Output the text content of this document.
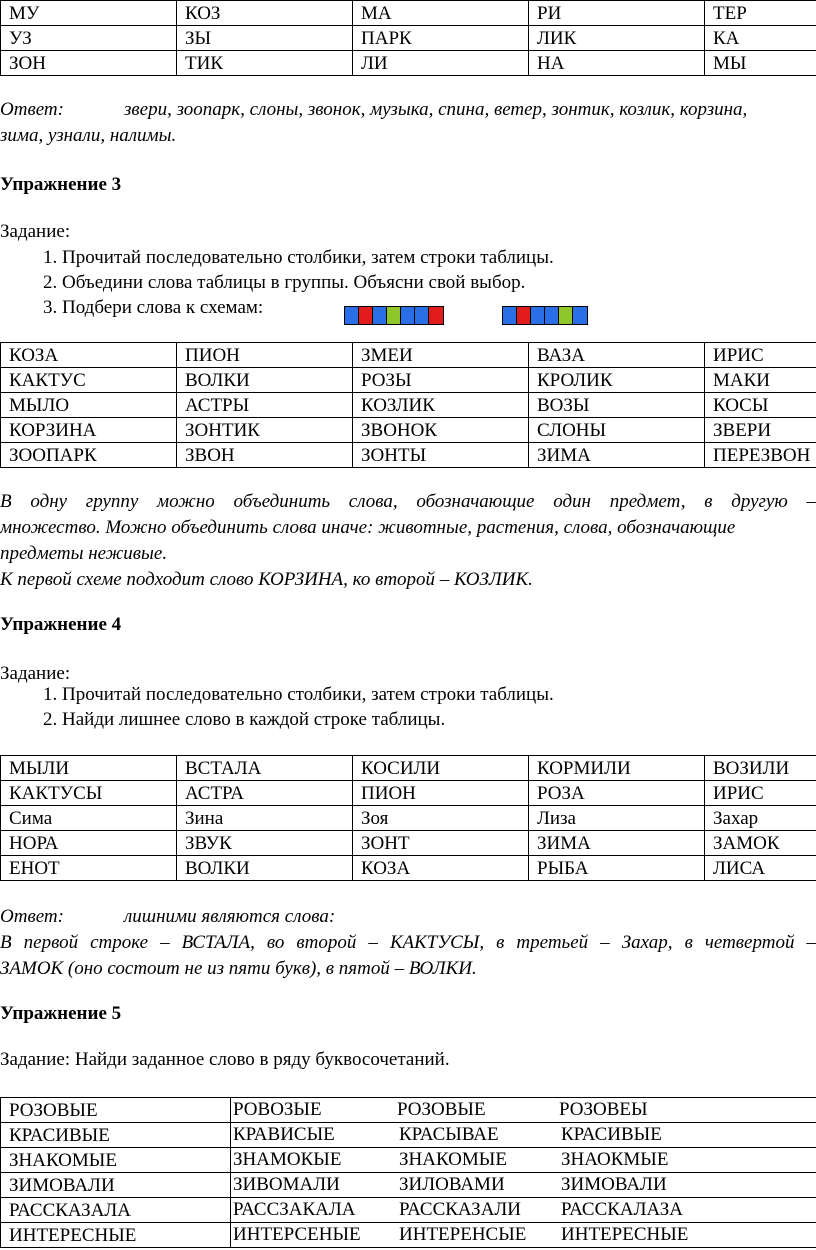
МУ	КОЗ	МА	РИ	ТЕР
УЗ	ЗЫ	ПАРК	ЛИК	КА
ЗОН	ТИК	ЛИ	НА	МЫ
Ответ:	звери, зоопарк, слоны, звонок, музыка, спина, ветер, зонтик, козлик, корзина,
зима, узнали, налимы.
Упражнение 3
Задание:
1. Прочитай последовательно столбики, затем строки таблицы.
2. Объедини слова таблицы в группы. Объясни свой выбор.
3. Подбери слова к схемам:
КОЗА	ПИОН	ЗМЕИ	ВАЗА	ИРИС
КАКТУС	ВОЛКИ	РОЗЫ	КРОЛИК	МАКИ
МЫЛО	АСТРЫ	КОЗЛИК	ВОЗЫ	КОСЫ
КОРЗИНА	ЗОНТИК	ЗВОНОК	СЛОНЫ	ЗВЕРИ
ЗООПАРК	ЗВОН	ЗОНТЫ	ЗИМА	ПЕРЕЗВОН
В одну группу можно объединить слова, обозначающие один предмет, в другую –
множество. Можно объединить слова иначе: животные, растения, слова, обозначающие
предметы неживые.
К первой схеме подходит слово КОРЗИНА, ко второй – КОЗЛИК.
Упражнение 4
Задание:
1. Прочитай последовательно столбики, затем строки таблицы.
2. Найди лишнее слово в каждой строке таблицы.
МЫЛИ	ВСТАЛА	КОСИЛИ	КОРМИЛИ	ВОЗИЛИ
КАКТУСЫ	АСТРА	ПИОН	РОЗА	ИРИС
Сима	Зина	Зоя	Лиза	Захар
НОРА	ЗВУК	ЗОНТ	ЗИМА	ЗАМОК
ЕНОТ	ВОЛКИ	КОЗА	РЫБА	ЛИСА
Ответ:	лишними являются слова:
В первой строке – ВСТАЛА, во второй – КАКТУСЫ, в третьей – Захар, в четвертой –
ЗАМОК (оно состоит не из пяти букв), в пятой – ВОЛКИ.
Упражнение 5
Задание: Найди заданное слово в ряду буквосочетаний.
РОЗОВЫЕ	РОВОЗЫЕ РОЗОВЫЕ РОЗОВЕЫ

КРАСИВЫЕ	КРАВИСЫЕ КРАСЫВАЕ КРАСИВЫЕ

ЗНАКОМЫЕ	ЗНАМОКЫЕ ЗНАКОМЫЕ ЗНАОКМЫЕ

ЗИМОВАЛИ	ЗИВОМАЛИ ЗИЛОВАМИ ЗИМОВАЛИ

РАССКАЗАЛА	РАССЗАКАЛА РАССКАЗАЛИ РАССКАЛАЗА

ИНТЕРЕСНЫЕ	ИНТЕРСЕНЫЕ ИНТЕРЕНСЫЕ ИНТЕРЕСНЫЕ
